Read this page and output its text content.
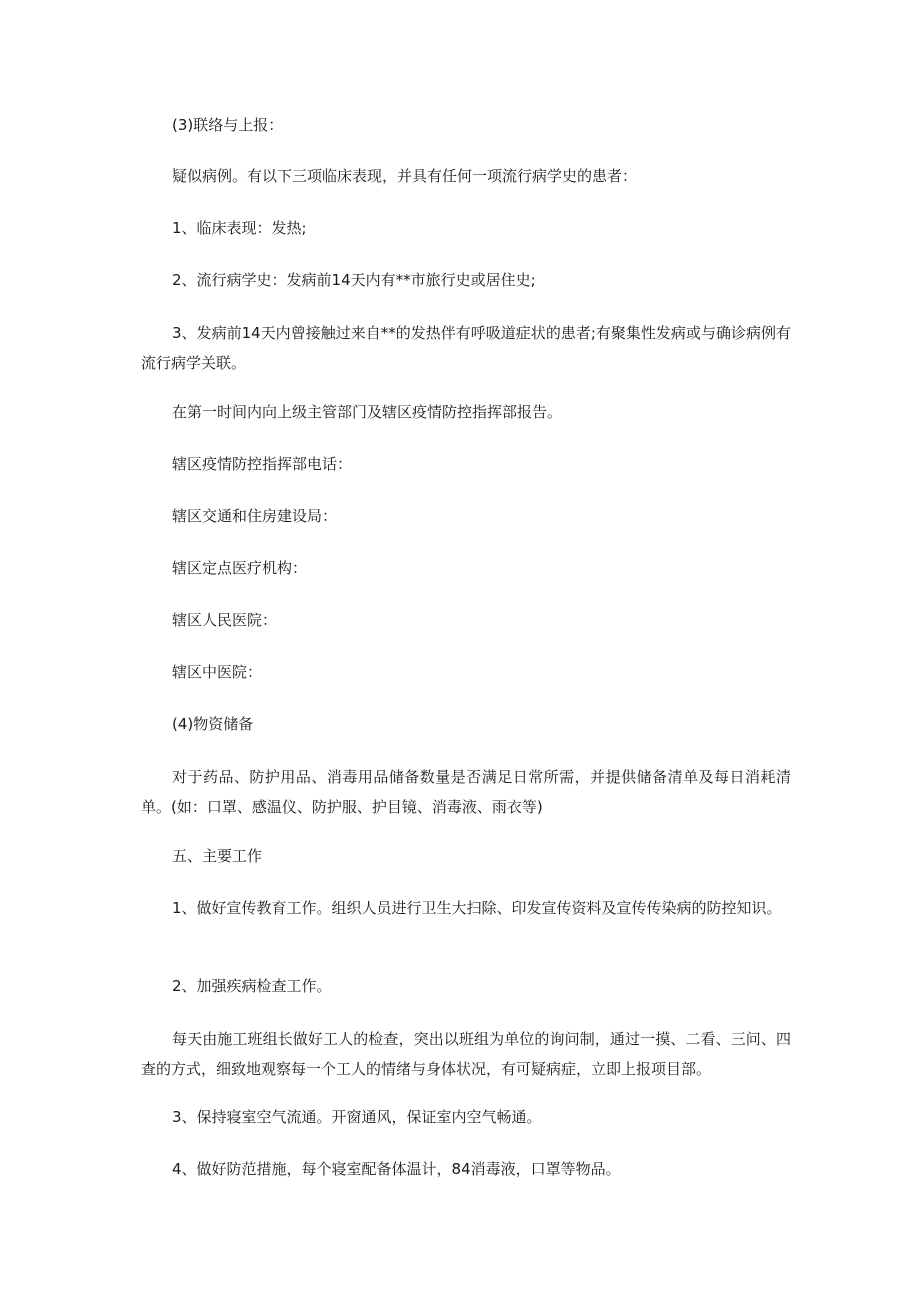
(3)联络与上报：

疑似病例。有以下三项临床表现，并具有任何一项流行病学史的患者：

1、临床表现：发热;

2、流行病学史：发病前14天内有**市旅行史或居住史;

3、发病前14天内曾接触过来自**的发热伴有呼吸道症状的患者;有聚集性发病或与确诊病例有流行病学关联。

在第一时间内向上级主管部门及辖区疫情防控指挥部报告。

辖区疫情防控指挥部电话：

辖区交通和住房建设局：

辖区定点医疗机构：

辖区人民医院：

辖区中医院：

(4)物资储备

对于药品、防护用品、消毒用品储备数量是否满足日常所需，并提供储备清单及每日消耗清单。(如：口罩、感温仪、防护服、护目镜、消毒液、雨衣等)

五、主要工作

1、做好宣传教育工作。组织人员进行卫生大扫除、印发宣传资料及宣传传染病的防控知识。

2、加强疾病检查工作。

每天由施工班组长做好工人的检查，突出以班组为单位的询问制，通过一摸、二看、三问、四查的方式，细致地观察每一个工人的情绪与身体状况，有可疑病症，立即上报项目部。

3、保持寝室空气流通。开窗通风，保证室内空气畅通。

4、做好防范措施，每个寝室配备体温计，84消毒液，口罩等物品。
